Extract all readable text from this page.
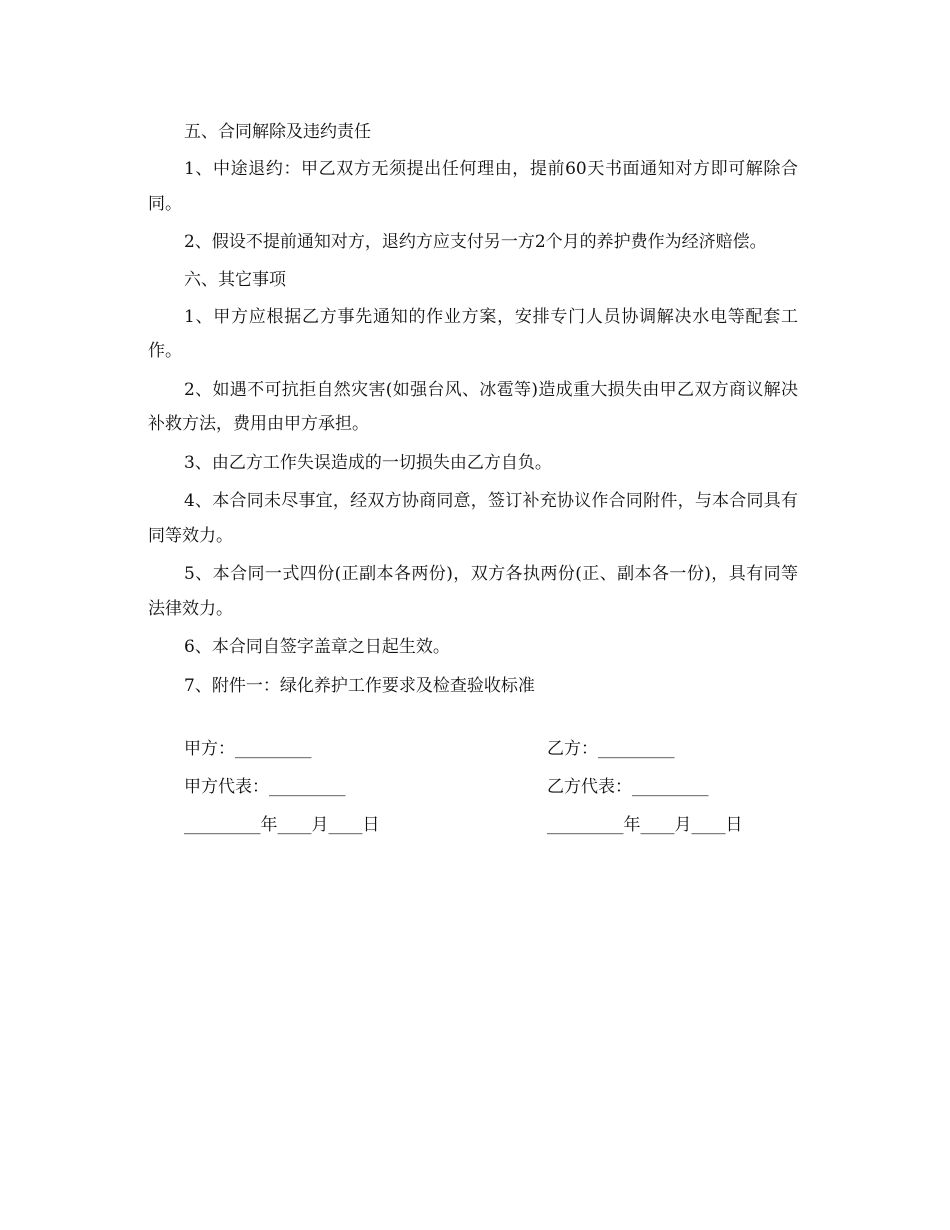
五、合同解除及违约责任

1、中途退约：甲乙双方无须提出任何理由，提前60天书面通知对方即可解除合同。

2、假设不提前通知对方，退约方应支付另一方2个月的养护费作为经济赔偿。

六、其它事项

1、甲方应根据乙方事先通知的作业方案，安排专门人员协调解决水电等配套工作。

2、如遇不可抗拒自然灾害(如强台风、冰雹等)造成重大损失由甲乙双方商议解决补救方法，费用由甲方承担。

3、由乙方工作失误造成的一切损失由乙方自负。

4、本合同未尽事宜，经双方协商同意，签订补充协议作合同附件，与本合同具有同等效力。

5、本合同一式四份(正副本各两份)，双方各执两份(正、副本各一份)，具有同等法律效力。

6、本合同自签字盖章之日起生效。

7、附件一：绿化养护工作要求及检查验收标准

甲方：_________	乙方：_________
甲方代表：_________	乙方代表：_________
_________年____月____日	_________年____月____日
